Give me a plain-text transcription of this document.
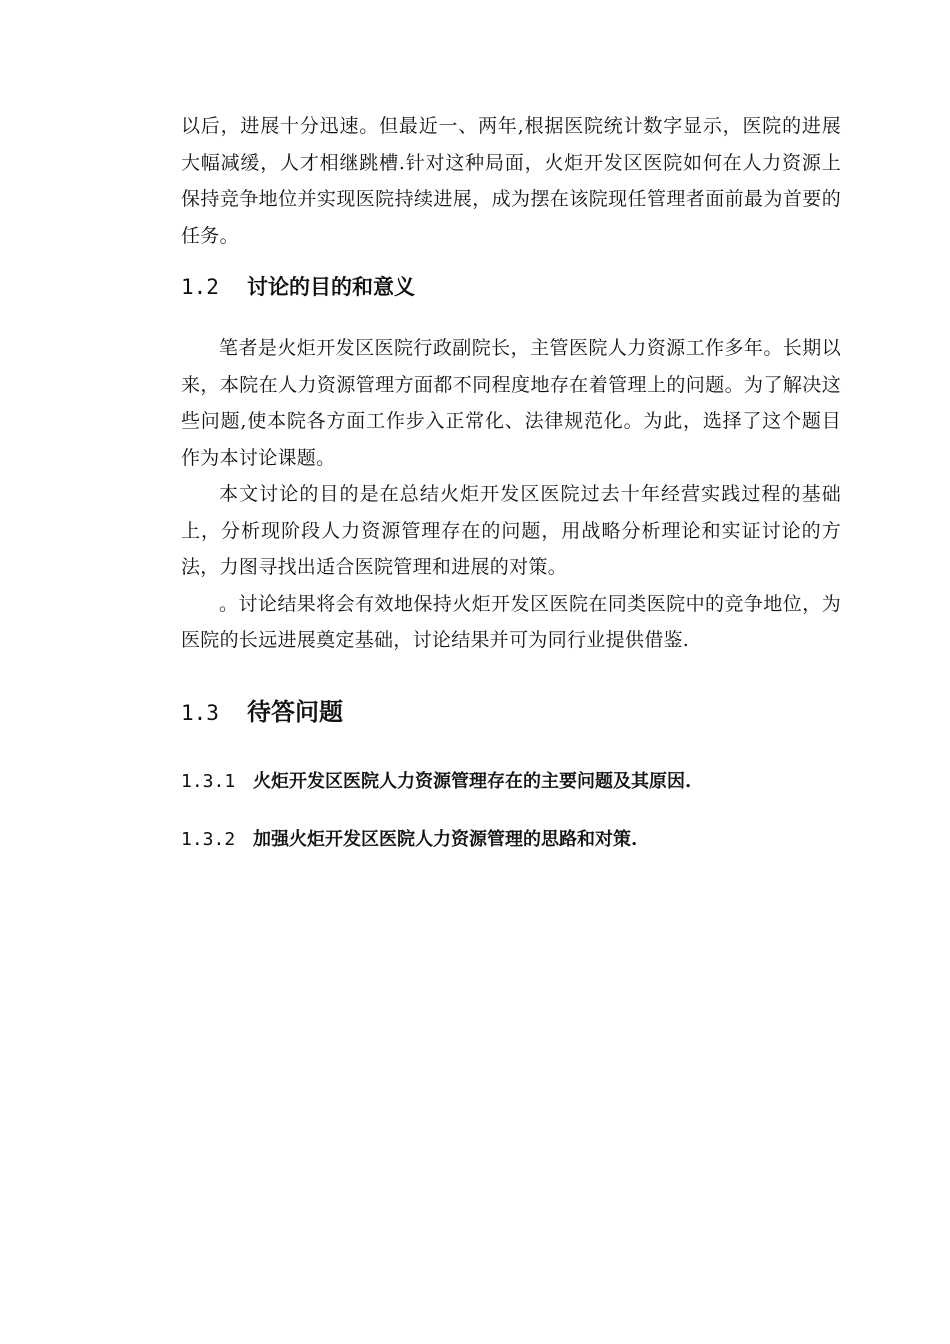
以后，进展十分迅速。但最近一、两年,根据医院统计数字显示，医院的进展大幅减缓，人才相继跳槽.针对这种局面，火炬开发区医院如何在人力资源上保持竞争地位并实现医院持续进展，成为摆在该院现任管理者面前最为首要的任务。

1.2	讨论的目的和意义

笔者是火炬开发区医院行政副院长，主管医院人力资源工作多年。长期以来，本院在人力资源管理方面都不同程度地存在着管理上的问题。为了解决这些问题,使本院各方面工作步入正常化、法律规范化。为此，选择了这个题目作为本讨论课题。

本文讨论的目的是在总结火炬开发区医院过去十年经营实践过程的基础上，分析现阶段人力资源管理存在的问题，用战略分析理论和实证讨论的方法，力图寻找出适合医院管理和进展的对策。

。讨论结果将会有效地保持火炬开发区医院在同类医院中的竞争地位，为医院的长远进展奠定基础，讨论结果并可为同行业提供借鉴.

1.3	待答问题
1.3.1 火炬开发区医院人力资源管理存在的主要问题及其原因.
1.3.2 加强火炬开发区医院人力资源管理的思路和对策.
